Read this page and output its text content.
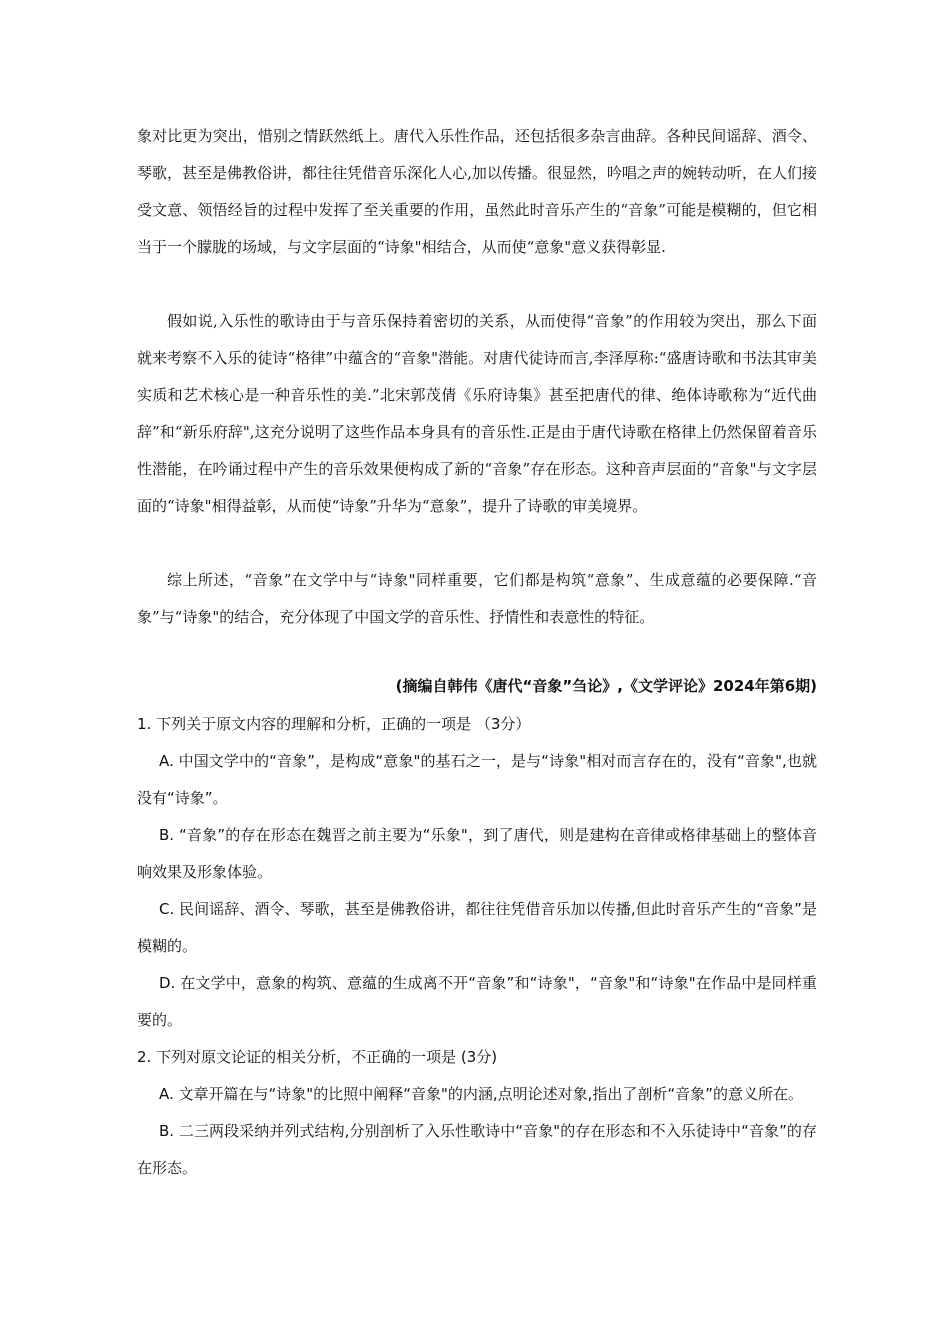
象对比更为突出，惜别之情跃然纸上。唐代入乐性作品，还包括很多杂言曲辞。各种民间谣辞、酒令、琴歌，甚至是佛教俗讲，都往往凭借音乐深化人心,加以传播。很显然，吟唱之声的婉转动听，在人们接受文意、领悟经旨的过程中发挥了至关重要的作用，虽然此时音乐产生的“音象”可能是模糊的，但它相当于一个朦胧的场域，与文字层面的“诗象"相结合，从而使“意象"意义获得彰显.

假如说,入乐性的歌诗由于与音乐保持着密切的关系，从而使得“音象”的作用较为突出，那么下面就来考察不入乐的徒诗“格律”中蕴含的“音象"潜能。对唐代徒诗而言,李泽厚称:“盛唐诗歌和书法其审美实质和艺术核心是一种音乐性的美.”北宋郭茂倩《乐府诗集》甚至把唐代的律、绝体诗歌称为“近代曲辞”和“新乐府辞",这充分说明了这些作品本身具有的音乐性.正是由于唐代诗歌在格律上仍然保留着音乐性潜能，在吟诵过程中产生的音乐效果便构成了新的“音象”存在形态。这种音声层面的“音象"与文字层面的“诗象"相得益彰，从而使“诗象”升华为“意象”，提升了诗歌的审美境界。

综上所述，“音象”在文学中与“诗象"同样重要，它们都是构筑“意象”、生成意蕴的必要保障.“音象”与“诗象"的结合，充分体现了中国文学的音乐性、抒情性和表意性的特征。

(摘编自韩伟《唐代“音象”刍论》,《文学评论》2024年第6期)

1. 下列关于原文内容的理解和分析，正确的一项是 （3分）

A. 中国文学中的“音象”，是构成“意象"的基石之一，是与“诗象"相对而言存在的，没有“音象",也就没有“诗象”。

B. “音象”的存在形态在魏晋之前主要为“乐象"，到了唐代，则是建构在音律或格律基础上的整体音响效果及形象体验。

C. 民间谣辞、酒令、琴歌，甚至是佛教俗讲，都往往凭借音乐加以传播,但此时音乐产生的“音象”是模糊的。

D. 在文学中，意象的构筑、意蕴的生成离不开“音象”和“诗象"，“音象"和“诗象"在作品中是同样重要的。

2. 下列对原文论证的相关分析，不正确的一项是 (3分)

A. 文章开篇在与“诗象"的比照中阐释“音象"的内涵,点明论述对象,指出了剖析“音象”的意义所在。

B. 二三两段采纳并列式结构,分别剖析了入乐性歌诗中“音象"的存在形态和不入乐徒诗中“音象”的存在形态。
